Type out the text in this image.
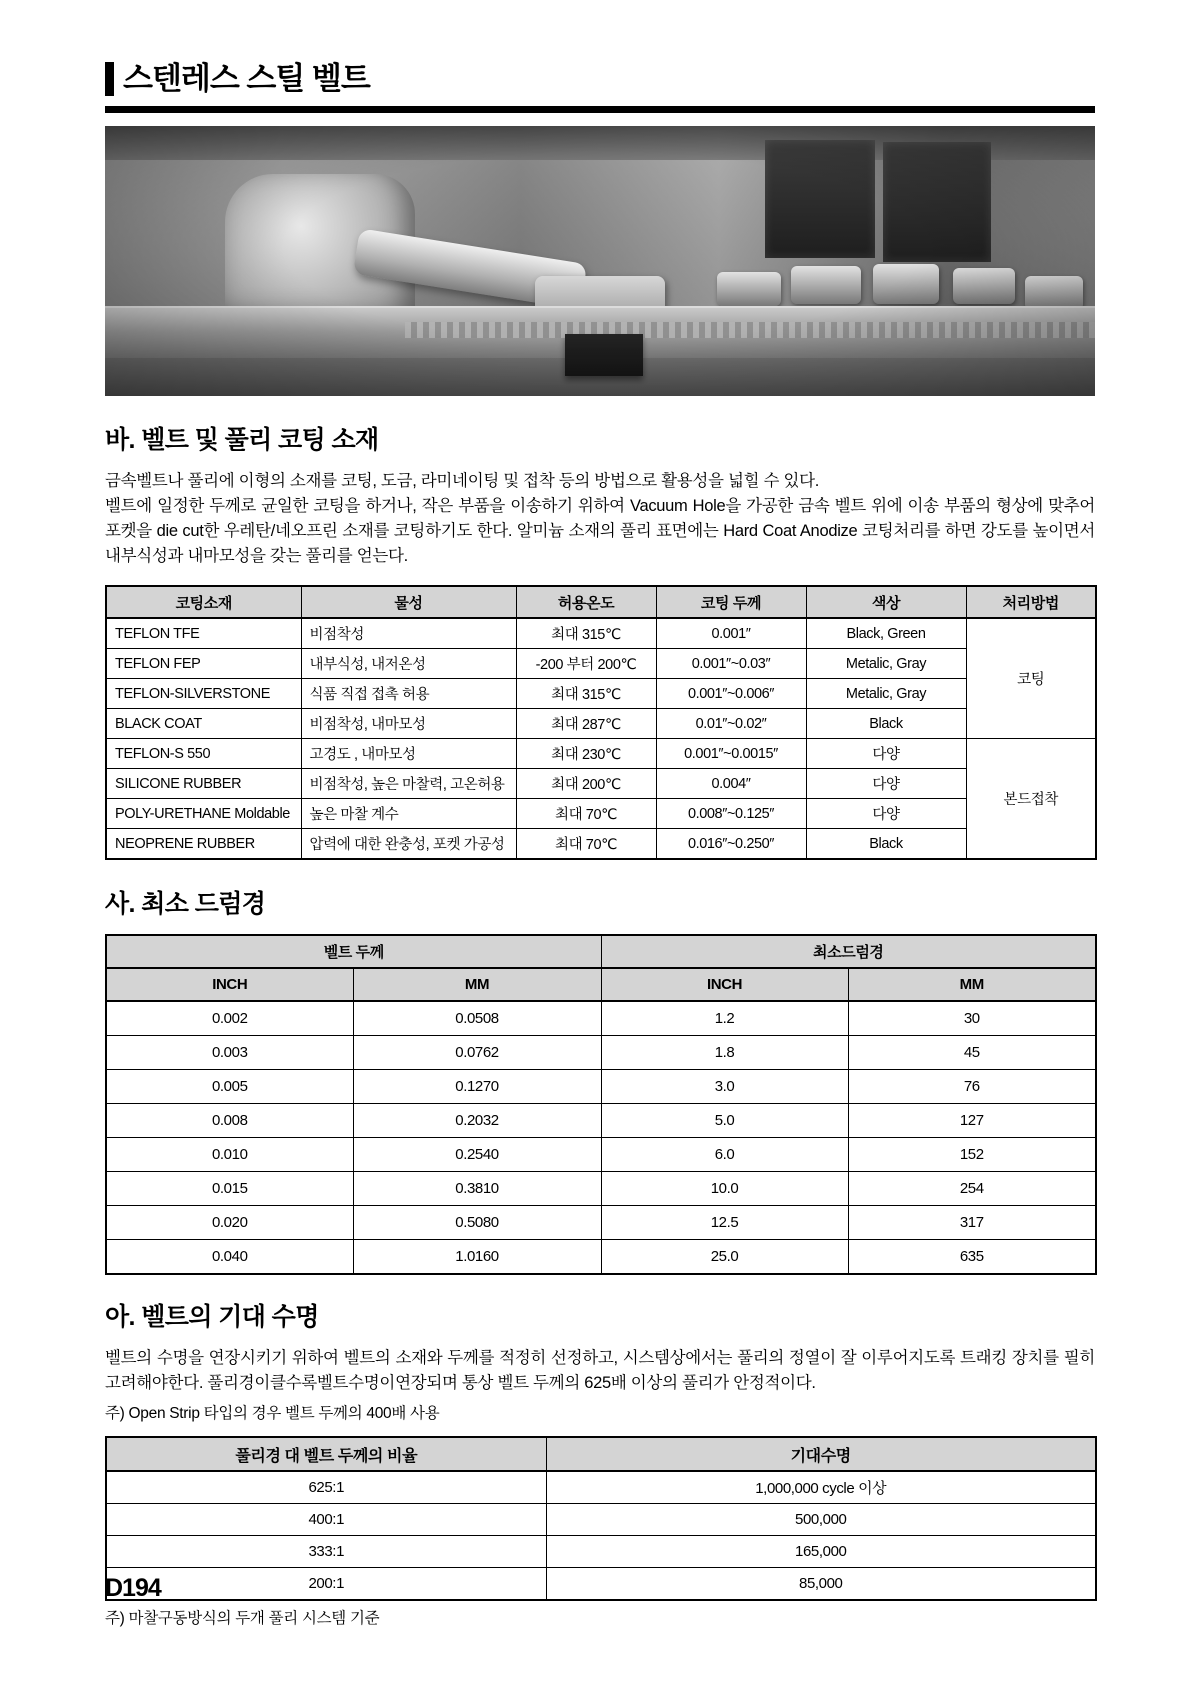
스텐레스 스틸 벨트
바. 벨트 및 풀리 코팅 소재

금속벨트나 풀리에 이형의 소재를 코팅, 도금, 라미네이팅 및 접착 등의 방법으로 활용성을 넓힐 수 있다.

벨트에 일정한 두께로 균일한 코팅을 하거나, 작은 부품을 이송하기 위하여 Vacuum Hole을 가공한 금속 벨트 위에 이송 부품의 형상에 맞추어 포켓을 die cut한 우레탄/네오프린 소재를 코팅하기도 한다. 알미늄 소재의 풀리 표면에는 Hard Coat Anodize 코팅처리를 하면 강도를 높이면서 내부식성과 내마모성을 갖는 풀리를 얻는다.

코팅소재	물성	허용온도	코팅 두께	색상	처리방법
TEFLON TFE	비점착성	최대 315℃	0.001″	Black, Green	코팅
TEFLON FEP	내부식성, 내저온성	-200 부터 200℃	0.001″~0.03″	Metalic, Gray	
TEFLON-SILVERSTONE	식품 직접 접촉 허용	최대 315℃	0.001″~0.006″	Metalic, Gray	
BLACK COAT	비점착성, 내마모성	최대 287℃	0.01″~0.02″	Black	
TEFLON-S 550	고경도 , 내마모성	최대 230℃	0.001″~0.0015″	다양	본드접착
SILICONE RUBBER	비점착성, 높은 마찰력, 고온허용	최대 200℃	0.004″	다양	
POLY-URETHANE Moldable	높은 마찰 계수	최대 70℃	0.008″~0.125″	다양	
NEOPRENE RUBBER	압력에 대한 완충성, 포켓 가공성	최대 70℃	0.016″~0.250″	Black	
사. 최소 드럼경
벨트 두께		최소드럼경	
INCH	MM	INCH	MM
0.002	0.0508	1.2	30
0.003	0.0762	1.8	45
0.005	0.1270	3.0	76
0.008	0.2032	5.0	127
0.010	0.2540	6.0	152
0.015	0.3810	10.0	254
0.020	0.5080	12.5	317
0.040	1.0160	25.0	635
아. 벨트의 기대 수명

벨트의 수명을 연장시키기 위하여 벨트의 소재와 두께를 적정히 선정하고, 시스템상에서는 풀리의 정열이 잘 이루어지도록 트래킹 장치를 필히 고려해야한다. 풀리경이클수록벨트수명이연장되며 통상 벨트 두께의 625배 이상의 풀리가 안정적이다.

주) Open Strip 타입의 경우 벨트 두께의 400배 사용

풀리경 대 벨트 두께의 비율	기대수명
625:1	1,000,000 cycle 이상
400:1	500,000
333:1	165,000
200:1	85,000

주) 마찰구동방식의 두개 풀리 시스템 기준

D194
